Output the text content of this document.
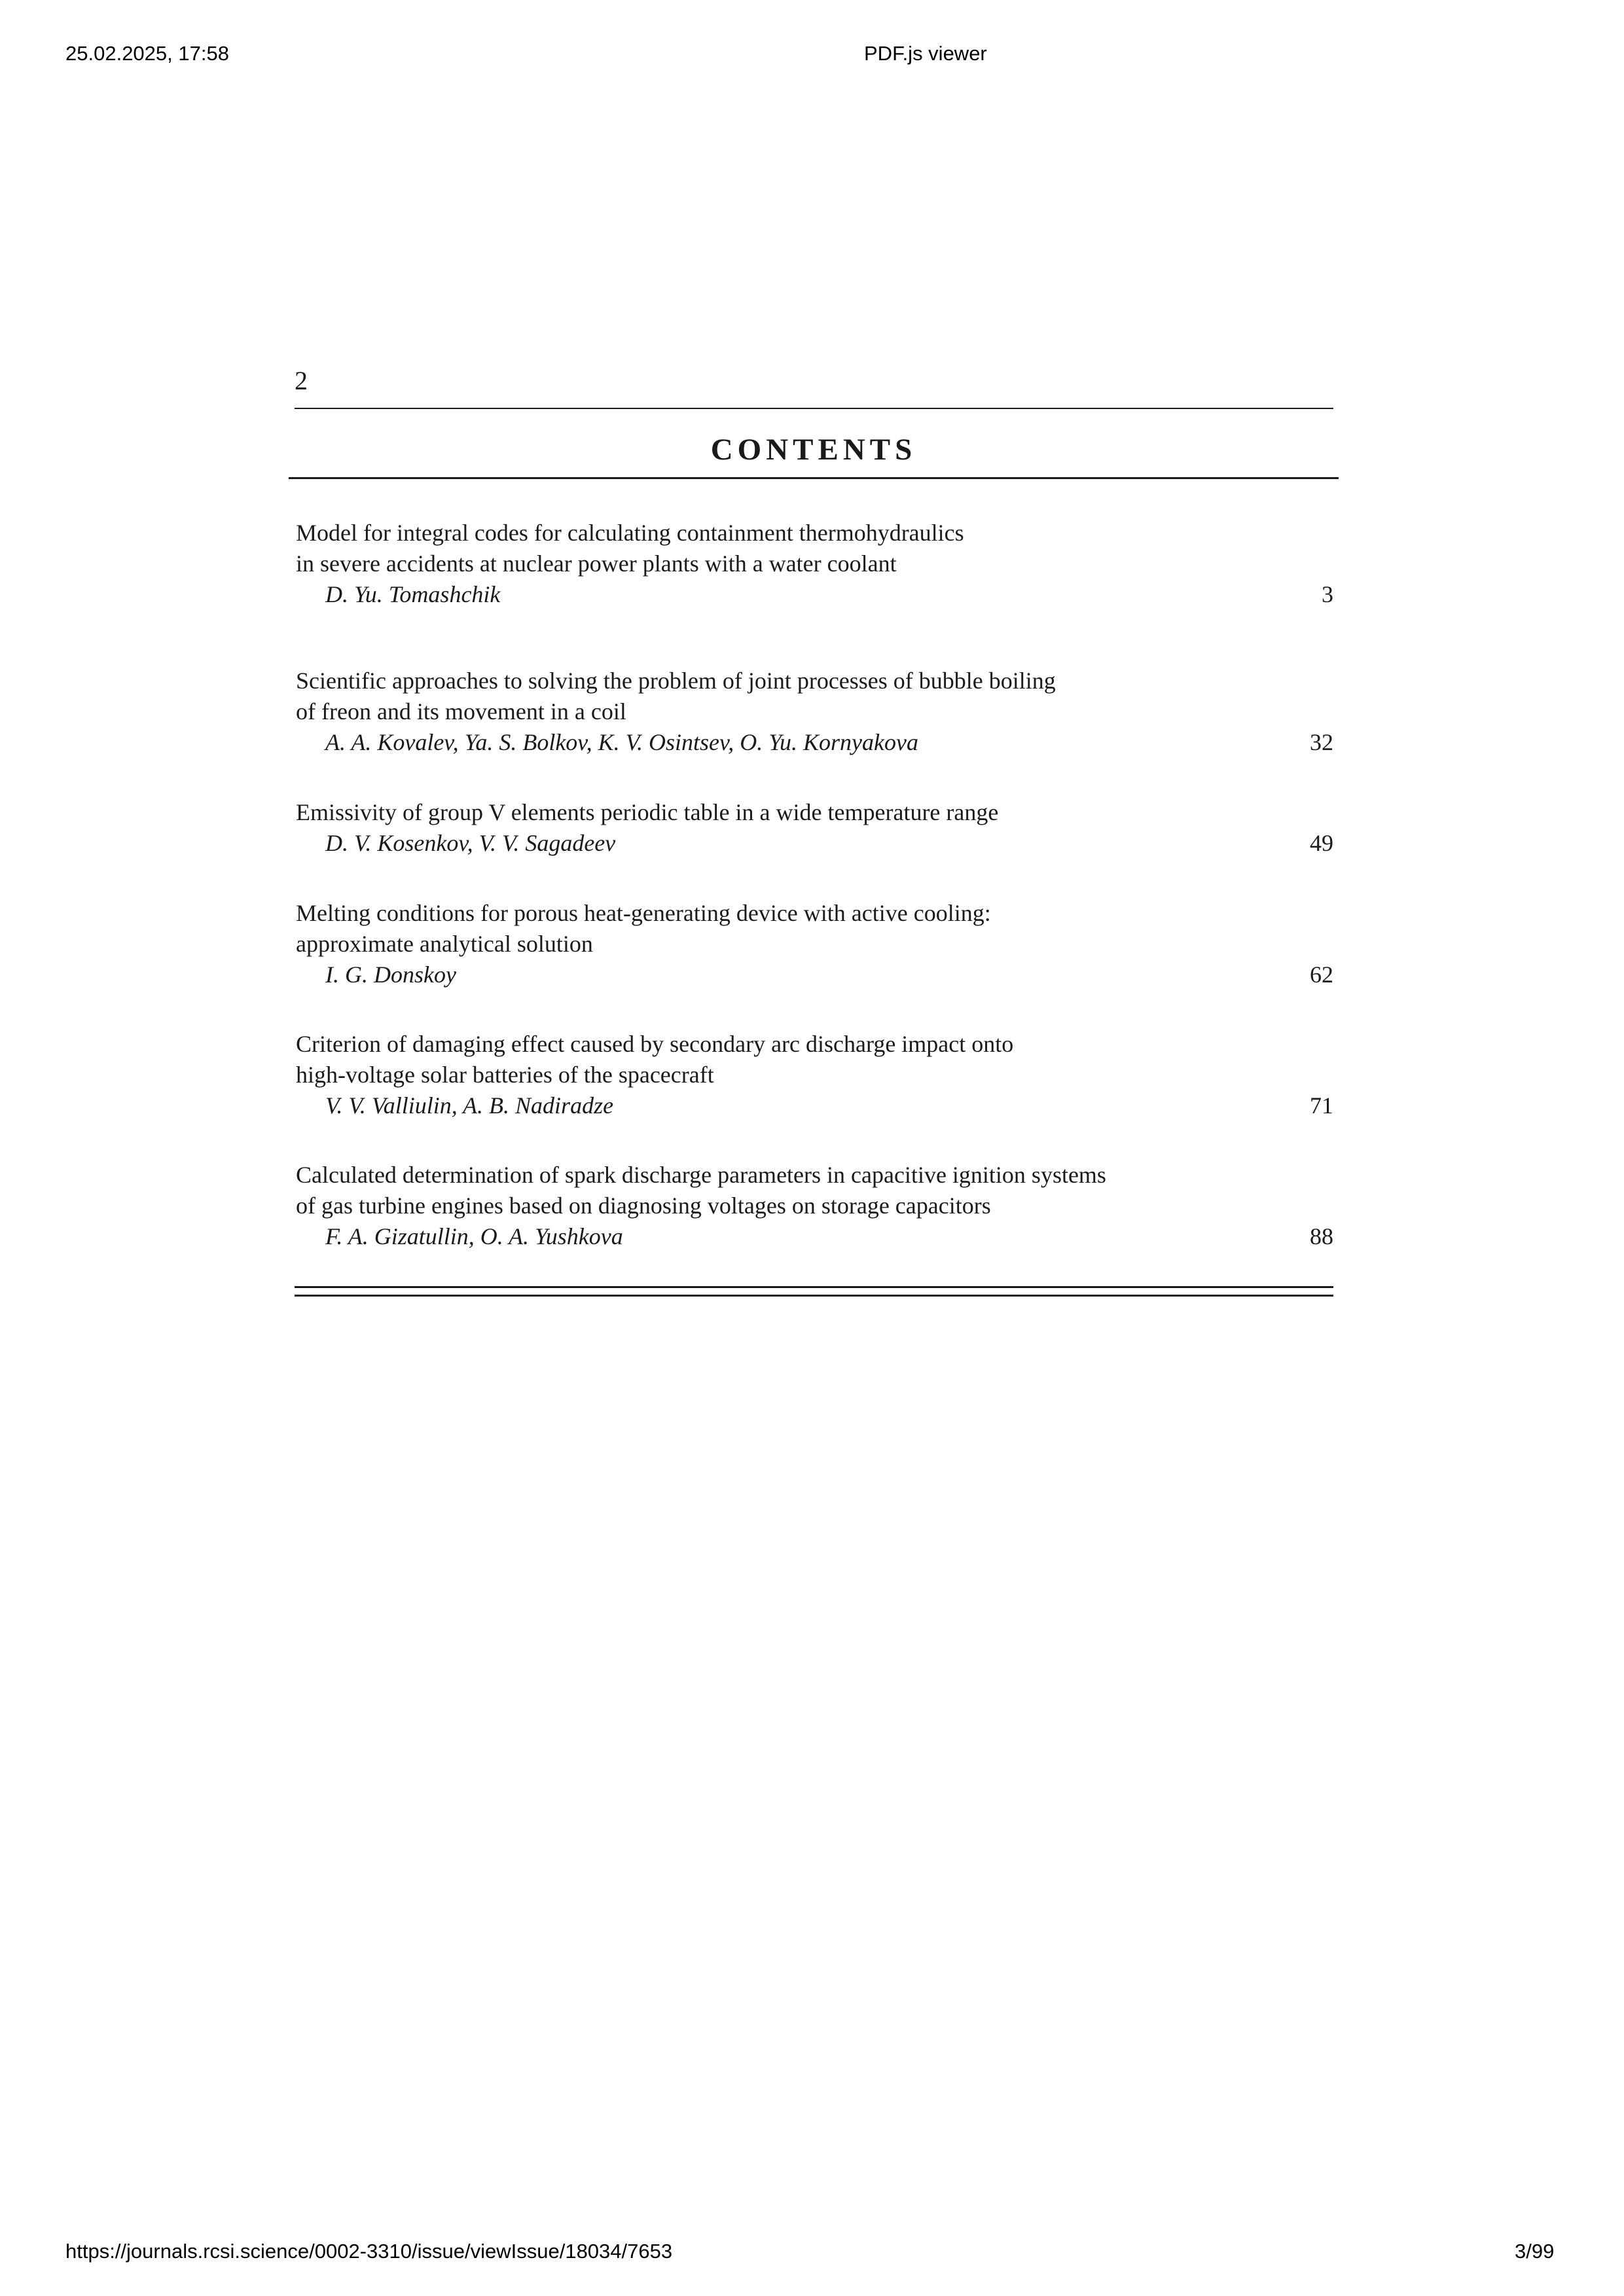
25.02.2025, 17:58	PDF.js viewer
2
CONTENTS
Model for integral codes for calculating containment thermohydraulics
in severe accidents at nuclear power plants with a water coolant
D. Yu. Tomashchik	3
Scientific approaches to solving the problem of joint processes of bubble boiling
of freon and its movement in a coil
A. A. Kovalev, Ya. S. Bolkov, K. V. Osintsev, O. Yu. Kornyakova	32
Emissivity of group V elements periodic table in a wide temperature range
D. V. Kosenkov, V. V. Sagadeev	49
Melting conditions for porous heat-generating device with active cooling:
approximate analytical solution
I. G. Donskoy	62
Criterion of damaging effect caused by secondary arc discharge impact onto
high-voltage solar batteries of the spacecraft
V. V. Valliulin, A. B. Nadiradze	71
Calculated determination of spark discharge parameters in capacitive ignition systems
of gas turbine engines based on diagnosing voltages on storage capacitors
F. A. Gizatullin, O. A. Yushkova	88
https://journals.rcsi.science/0002-3310/issue/viewIssue/18034/7653	3/99
